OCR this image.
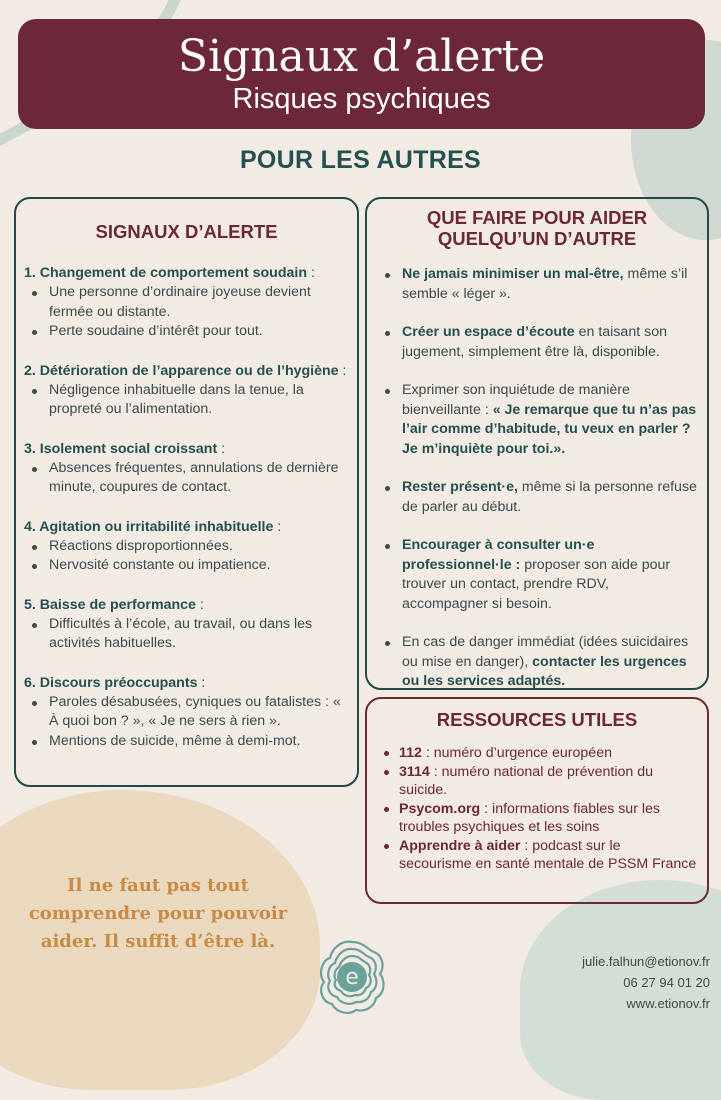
Signaux d’alerte
Risques psychiques
POUR LES AUTRES
SIGNAUX D’ALERTE
1. Changement de comportement soudain :
Une personne d’ordinaire joyeuse devient fermée ou distante.
Perte soudaine d’intérêt pour tout.
2. Détérioration de l’apparence ou de l’hygiène :
Négligence inhabituelle dans la tenue, la propreté ou l’alimentation.
3. Isolement social croissant :
Absences fréquentes, annulations de dernière minute, coupures de contact.
4. Agitation ou irritabilité inhabituelle :
Réactions disproportionnées.
Nervosité constante ou impatience.
5. Baisse de performance :
Difficultés à l’école, au travail, ou dans les activités habituelles.
6. Discours préoccupants :
Paroles désabusées, cyniques ou fatalistes : « À quoi bon ? », « Je ne sers à rien ».
Mentions de suicide, même à demi-mot.
QUE FAIRE POUR AIDER
QUELQU’UN D’AUTRE
Ne jamais minimiser un mal-être, même s’il semble « léger ».
Créer un espace d’écoute en taisant son jugement, simplement être là, disponible.
Exprimer son inquiétude de manière bienveillante : « Je remarque que tu n’as pas l’air comme d’habitude, tu veux en parler ? Je m’inquiète pour toi.».
Rester présent·e, même si la personne refuse de parler au début.
Encourager à consulter un·e professionnel·le : proposer son aide pour trouver un contact, prendre RDV, accompagner si besoin.
En cas de danger immédiat (idées suicidaires ou mise en danger), contacter les urgences ou les services adaptés.
RESSOURCES UTILES
112 : numéro d’urgence européen
3114 : numéro national de prévention du suicide.
Psycom.org : informations fiables sur les troubles psychiques et les soins
Apprendre à aider : podcast sur le secourisme en santé mentale de PSSM France
Il ne faut pas tout
comprendre pour pouvoir
aider. Il suffit d’être là.
e
julie.falhun@etionov.fr
06 27 94 01 20
www.etionov.fr
